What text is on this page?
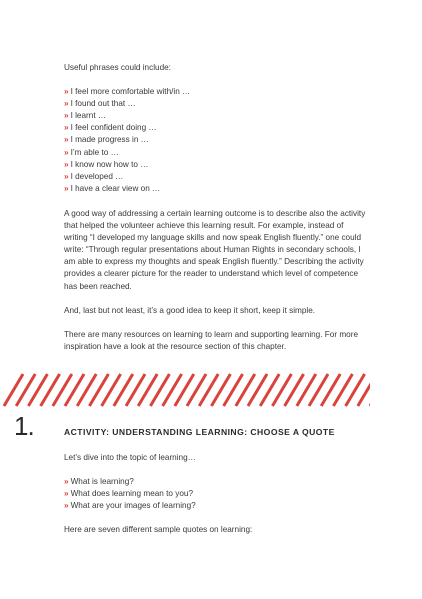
Useful phrases could include:

» I feel more comfortable with/in …
» I found out that …
» I learnt …
» I feel confident doing …
» I made progress in …
» I’m able to …
» I know now how to …
» I developed …
» I have a clear view on …

A good way of addressing a certain learning outcome is to describe also the activity that helped the volunteer achieve this learning result. For example, instead of writing “I developed my language skills and now speak English fluently.” one could write: “Through regular presentations about Human Rights in secondary schools, I am able to express my thoughts and speak English fluently.” Describing the activity provides a clearer picture for the reader to understand which level of competence has been reached.

And, last but not least, it’s a good idea to keep it short, keep it simple.

There are many resources on learning to learn and supporting learning. For more inspiration have a look at the resource section of this chapter.

1.	ACTIVITY: UNDERSTANDING LEARNING: CHOOSE A QUOTE

Let’s dive into the topic of learning…

» What is learning?
» What does learning mean to you?
» What are your images of learning?

Here are seven different sample quotes on learning:
